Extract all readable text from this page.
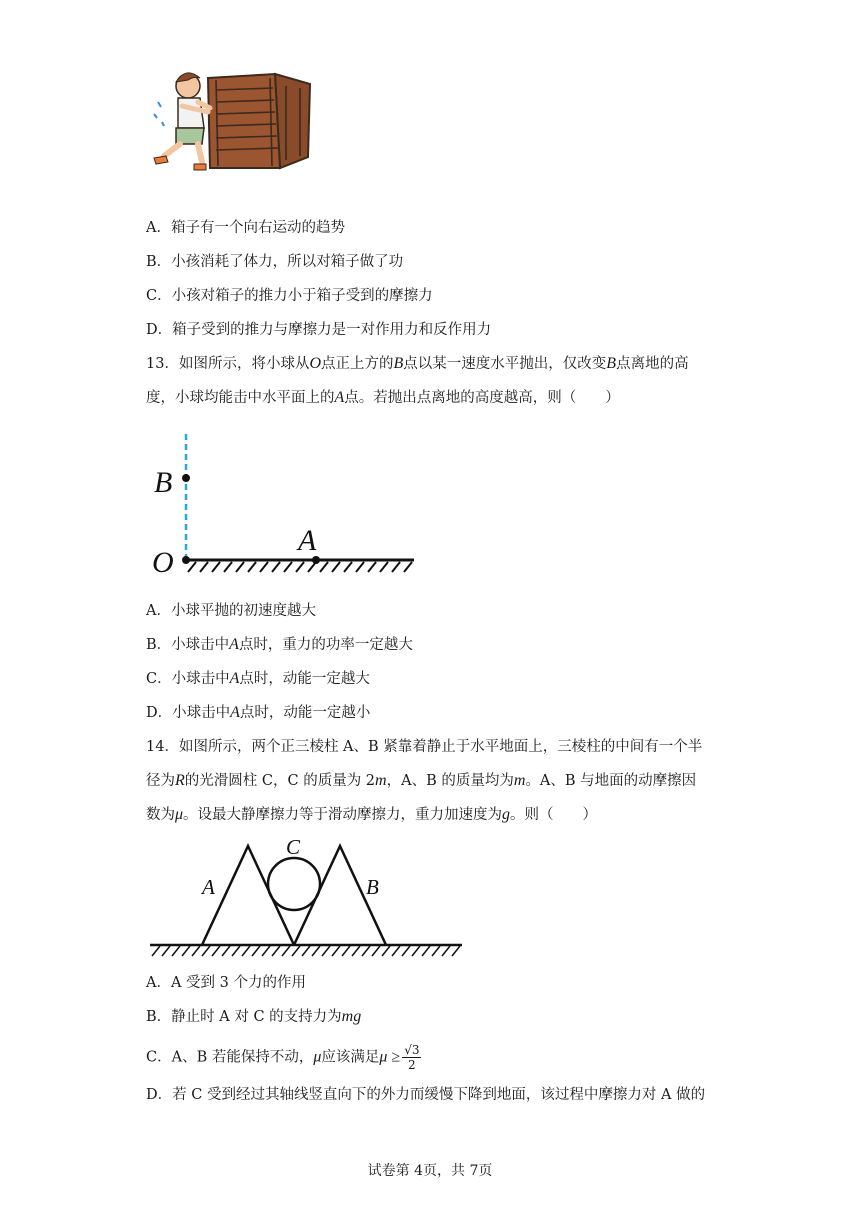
A．箱子有一个向右运动的趋势
B．小孩消耗了体力，所以对箱子做了功
C．小孩对箱子的推力小于箱子受到的摩擦力
D．箱子受到的推力与摩擦力是一对作用力和反作用力
13．如图所示，将小球从O点正上方的B点以某一速度水平抛出，仅改变B点离地的高
度，小球均能击中水平面上的A点。若抛出点离地的高度越高，则（　　）
B
O
A
A．小球平抛的初速度越大
B．小球击中A点时，重力的功率一定越大
C．小球击中A点时，动能一定越大
D．小球击中A点时，动能一定越小
14．如图所示，两个正三棱柱 A、B 紧靠着静止于水平地面上，三棱柱的中间有一个半
径为R的光滑圆柱 C，C 的质量为 2m，A、B 的质量均为m。A、B 与地面的动摩擦因
数为μ。设最大静摩擦力等于滑动摩擦力，重力加速度为g。则（　　）
A	B
C
A．A 受到 3 个力的作用
B．静止时 A 对 C 的支持力为mg
C．A、B 若能保持不动，μ应该满足$\mu \ge \frac{√3}{2}$
D．若 C 受到经过其轴线竖直向下的外力而缓慢下降到地面，该过程中摩擦力对 A 做的
试卷第 4页，共 7页
